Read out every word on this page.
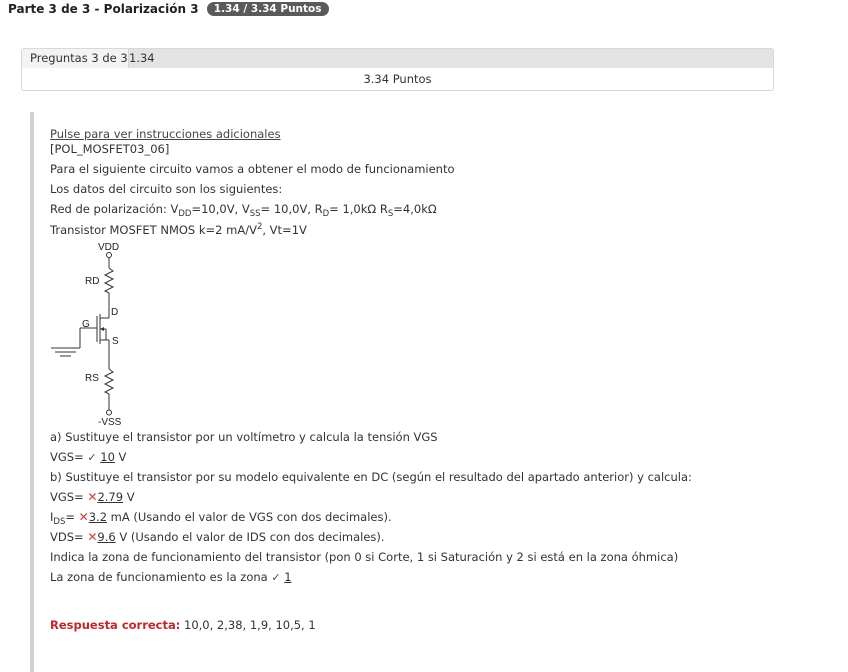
Parte 3 de 3 - Polarización 3 1.34 / 3.34 Puntos
Preguntas 3 de 3 1.34
3.34 Puntos
Pulse para ver instrucciones adicionales
[POL_MOSFET03_06]
Para el siguiente circuito vamos a obtener el modo de funcionamiento
Los datos del circuito son los siguientes:
Red de polarización: $V_{DD}=10,0V$, $V_{SS}= 10,0V$, $R_D= 1,0k\Omega$ $R_S=4,0k\Omega$
Transistor MOSFET NMOS k=2 $mA/V^2$, Vt=1V
VDD
RD
D
G
S
RS
-VSS
a) Sustituye el transistor por un voltímetro y calcula la tensión VGS
VGS= ✓ 10 V
b) Sustituye el transistor por su modelo equivalente en DC (según el resultado del apartado anterior) y calcula:
VGS= ✕2.79 V
$I_{DS}=$ ✕3.2 mA (Usando el valor de VGS con dos decimales).
VDS= ✕9.6 V (Usando el valor de IDS con dos decimales).
Indica la zona de funcionamiento del transistor (pon 0 si Corte, 1 si Saturación y 2 si está en la zona óhmica)
La zona de funcionamiento es la zona ✓ 1
Respuesta correcta: 10,0, 2,38, 1,9, 10,5, 1
